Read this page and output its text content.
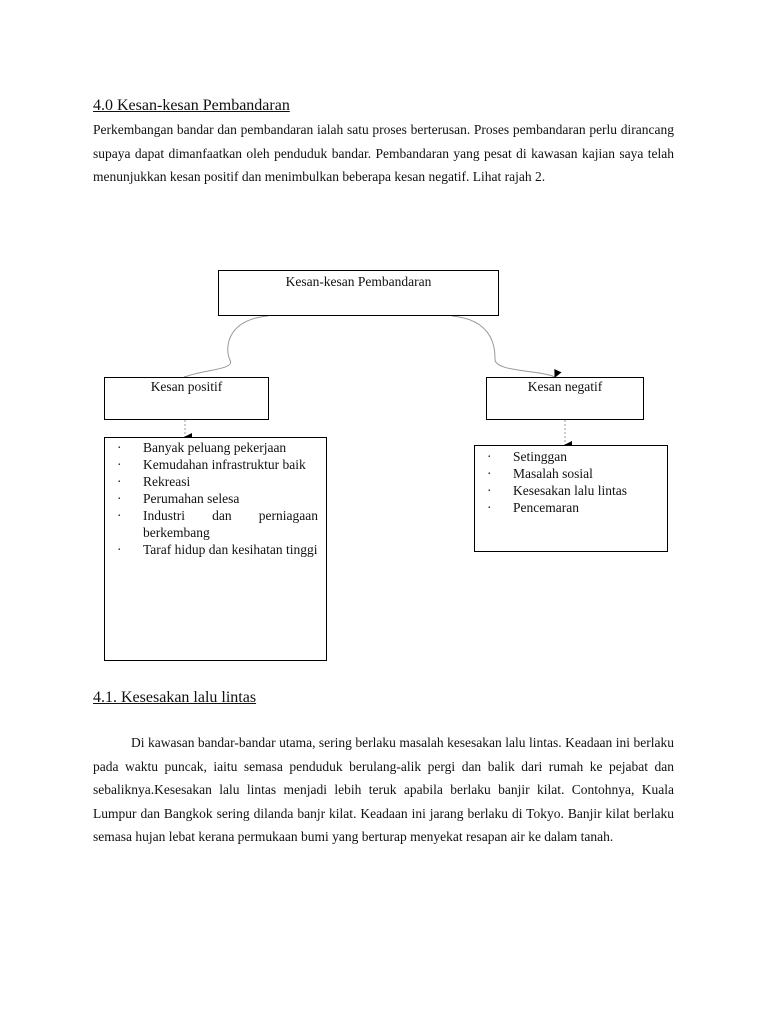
4.0 Kesan-kesan Pembandaran
Perkembangan bandar dan pembandaran ialah satu proses berterusan. Proses pembandaran perlu dirancang supaya dapat dimanfaatkan oleh penduduk bandar. Pembandaran yang pesat di kawasan kajian saya telah menunjukkan kesan positif dan menimbulkan beberapa kesan negatif. Lihat rajah 2.
Kesan-kesan Pembandaran
Kesan positif	Kesan negatif
· Banyak peluang pekerjaan
· Kemudahan infrastruktur baik
· Rekreasi
· Perumahan selesa
· Industri dan perniagaan berkembang
· Taraf hidup dan kesihatan tinggi
· Setinggan
· Masalah sosial
· Kesesakan lalu lintas
· Pencemaran
4.1. Kesesakan lalu lintas
Di kawasan bandar-bandar utama, sering berlaku masalah kesesakan lalu lintas. Keadaan ini berlaku pada waktu puncak, iaitu semasa penduduk berulang-alik pergi dan balik dari rumah ke pejabat dan sebaliknya.Kesesakan lalu lintas menjadi lebih teruk apabila berlaku banjir kilat. Contohnya, Kuala Lumpur dan Bangkok sering dilanda banjr kilat. Keadaan ini jarang berlaku di Tokyo. Banjir kilat berlaku semasa hujan lebat kerana permukaan bumi yang berturap menyekat resapan air ke dalam tanah.
